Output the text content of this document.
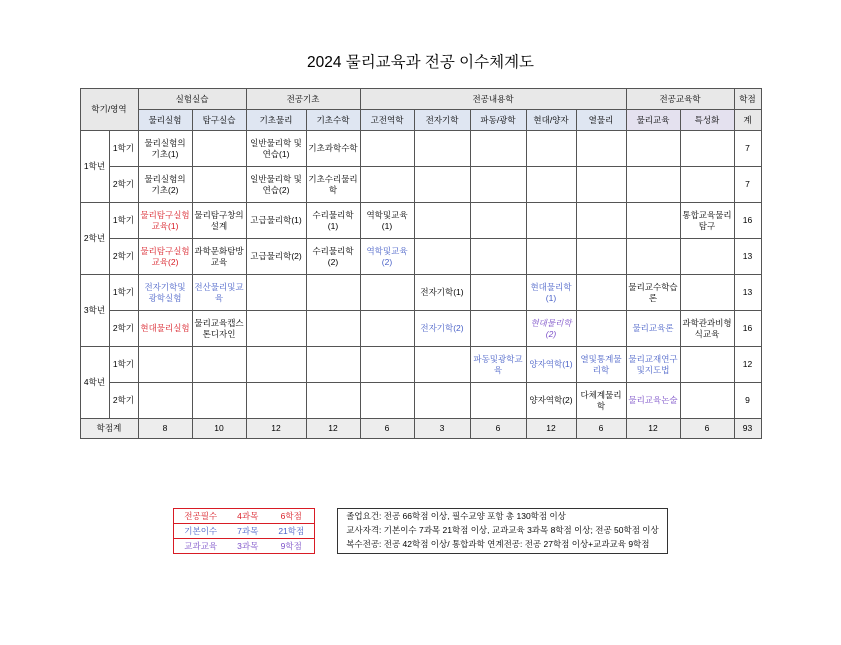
2024 물리교육과 전공 이수체계도
학기/영역		실험실습		전공기초		전공내용학					전공교육학		학점
		물리실험	탐구실습	기초물리	기초수학	고전역학	전자기학	파동/광학	현대/양자	열물리	물리교육	특성화	계
1학년	1학기	물리실험의 기초(1)		일반물리학 및연습(1)	기초과학수학								7
	2학기	물리실험의 기초(2)		일반물리학 및연습(2)	기초수리물리학								7
2학년	1학기	물리탐구실험교육(1)	물리탐구창의설계	고급물리학(1)	수리물리학(1)	역학및교육(1)						통합교육물리탐구	16
	2학기	물리탐구실험교육(2)	과학문화탐방교육	고급물리학(2)	수리물리학(2)	역학및교육(2)							13
3학년	1학기	전자기학및 광학실험	전산물리및교육				전자기학(1)		현대물리학(1)		물리교수학습론		13
	2학기	현대물리실험	물리교육캡스톤디자인				전자기학(2)		현대물리학(2)		물리교육론	과학관과비형식교육	16
4학년	1학기							파동및광학교육	양자역학(1)	열및통계물리학	물리교재연구및지도법		12
	2학기								양자역학(2)	다체계물리학	물리교육논술		9
학점계		8	10	12	12	6	3	6	12	6	12	6	93
전공필수	4과목	6학점
기본이수	7과목	21학점
교과교육	3과목	9학점
졸업요건: 전공 66학점 이상, 필수교양 포함 총 130학점 이상
교사자격: 기본이수 7과목 21학점 이상, 교과교육 3과목 8학점 이상; 전공 50학점 이상
복수전공: 전공 42학점 이상/ 통합과학 연계전공: 전공 27학점 이상+교과교육 9학점
